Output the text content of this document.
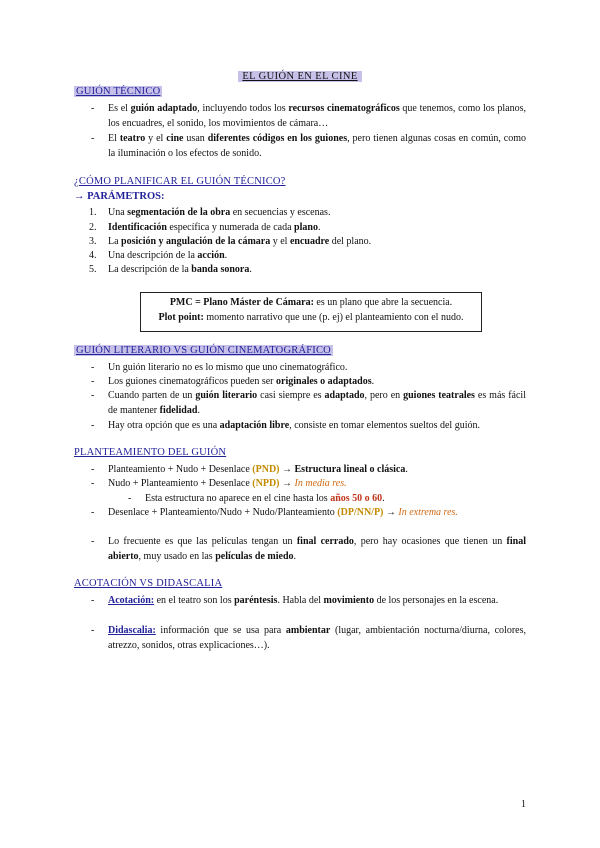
EL GUIÓN EN EL CINE
GUIÓN TÉCNICO
- Es el guión adaptado, incluyendo todos los recursos cinematográficos que tenemos, como los planos, los encuadres, el sonido, los movimientos de cámara…
- El teatro y el cine usan diferentes códigos en los guiones, pero tienen algunas cosas en común, como la iluminación o los efectos de sonido.
¿CÓMO PLANIFICAR EL GUIÓN TÉCNICO?
→ PARÁMETROS:
1. Una segmentación de la obra en secuencias y escenas.
2. Identificación específica y numerada de cada plano.
3. La posición y angulación de la cámara y el encuadre del plano.
4. Una descripción de la acción.
5. La descripción de la banda sonora.
PMC = Plano Máster de Cámara: es un plano que abre la secuencia.
Plot point: momento narrativo que une (p. ej) el planteamiento con el nudo.
GUIÓN LITERARIO VS GUIÓN CINEMATOGRÁFICO
- Un guión literario no es lo mismo que uno cinematográfico.
- Los guiones cinematográficos pueden ser originales o adaptados.
- Cuando parten de un guión literario casi siempre es adaptado, pero en guiones teatrales es más fácil de mantener fidelidad.
- Hay otra opción que es una adaptación libre, consiste en tomar elementos sueltos del guión.
PLANTEAMIENTO DEL GUIÓN
- Planteamiento + Nudo + Desenlace (PND) → Estructura lineal o clásica.
- Nudo + Planteamiento + Desenlace (NPD) → In media res.
- Esta estructura no aparece en el cine hasta los años 50 o 60.
- Desenlace + Planteamiento/Nudo + Nudo/Planteamiento (DP/NN/P) → In extrema res.
- Lo frecuente es que las películas tengan un final cerrado, pero hay ocasiones que tienen un final abierto, muy usado en las películas de miedo.
ACOTACIÓN VS DIDASCALIA
- Acotación: en el teatro son los paréntesis. Habla del movimiento de los personajes en la escena.
- Didascalia: información que se usa para ambientar (lugar, ambientación nocturna/diurna, colores, atrezzo, sonidos, otras explicaciones…).
1
